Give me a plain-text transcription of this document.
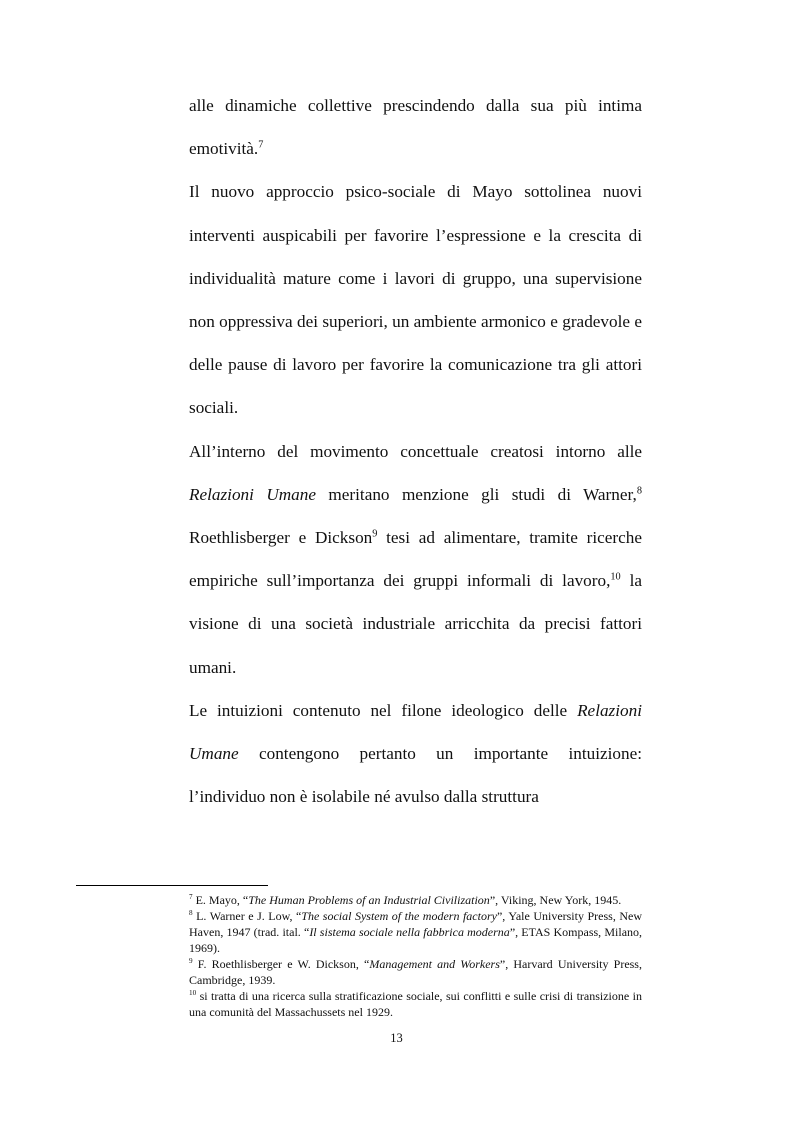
alle dinamiche collettive prescindendo dalla sua più intima emotività.$^7$

Il nuovo approccio psico-sociale di Mayo sottolinea nuovi interventi auspicabili per favorire l’espressione e la crescita di individualità mature come i lavori di gruppo, una supervisione non oppressiva dei superiori, un ambiente armonico e gradevole e delle pause di lavoro per favorire la comunicazione tra gli attori sociali.

All’interno del movimento concettuale creatosi intorno alle Relazioni Umane meritano menzione gli studi di Warner,$^8$ Roethlisberger e Dickson$^9$ tesi ad alimentare, tramite ricerche empiriche sull’importanza dei gruppi informali di lavoro,$^{10}$ la visione di una società industriale arricchita da precisi fattori umani.

Le intuizioni contenuto nel filone ideologico delle Relazioni Umane contengono pertanto un importante intuizione: l’individuo non è isolabile né avulso dalla struttura

$^7$ E. Mayo, “The Human Problems of an Industrial Civilization”, Viking, New York, 1945.

$^8$ L. Warner e J. Low, “The social System of the modern factory”, Yale University Press, New Haven, 1947 (trad. ital. “Il sistema sociale nella fabbrica moderna”, ETAS Kompass, Milano, 1969).

$^9$ F. Roethlisberger e W. Dickson, “Management and Workers”, Harvard University Press, Cambridge, 1939.

$^{10}$ si tratta di una ricerca sulla stratificazione sociale, sui conflitti e sulle crisi di transizione in una comunità del Massachussets nel 1929.

13
